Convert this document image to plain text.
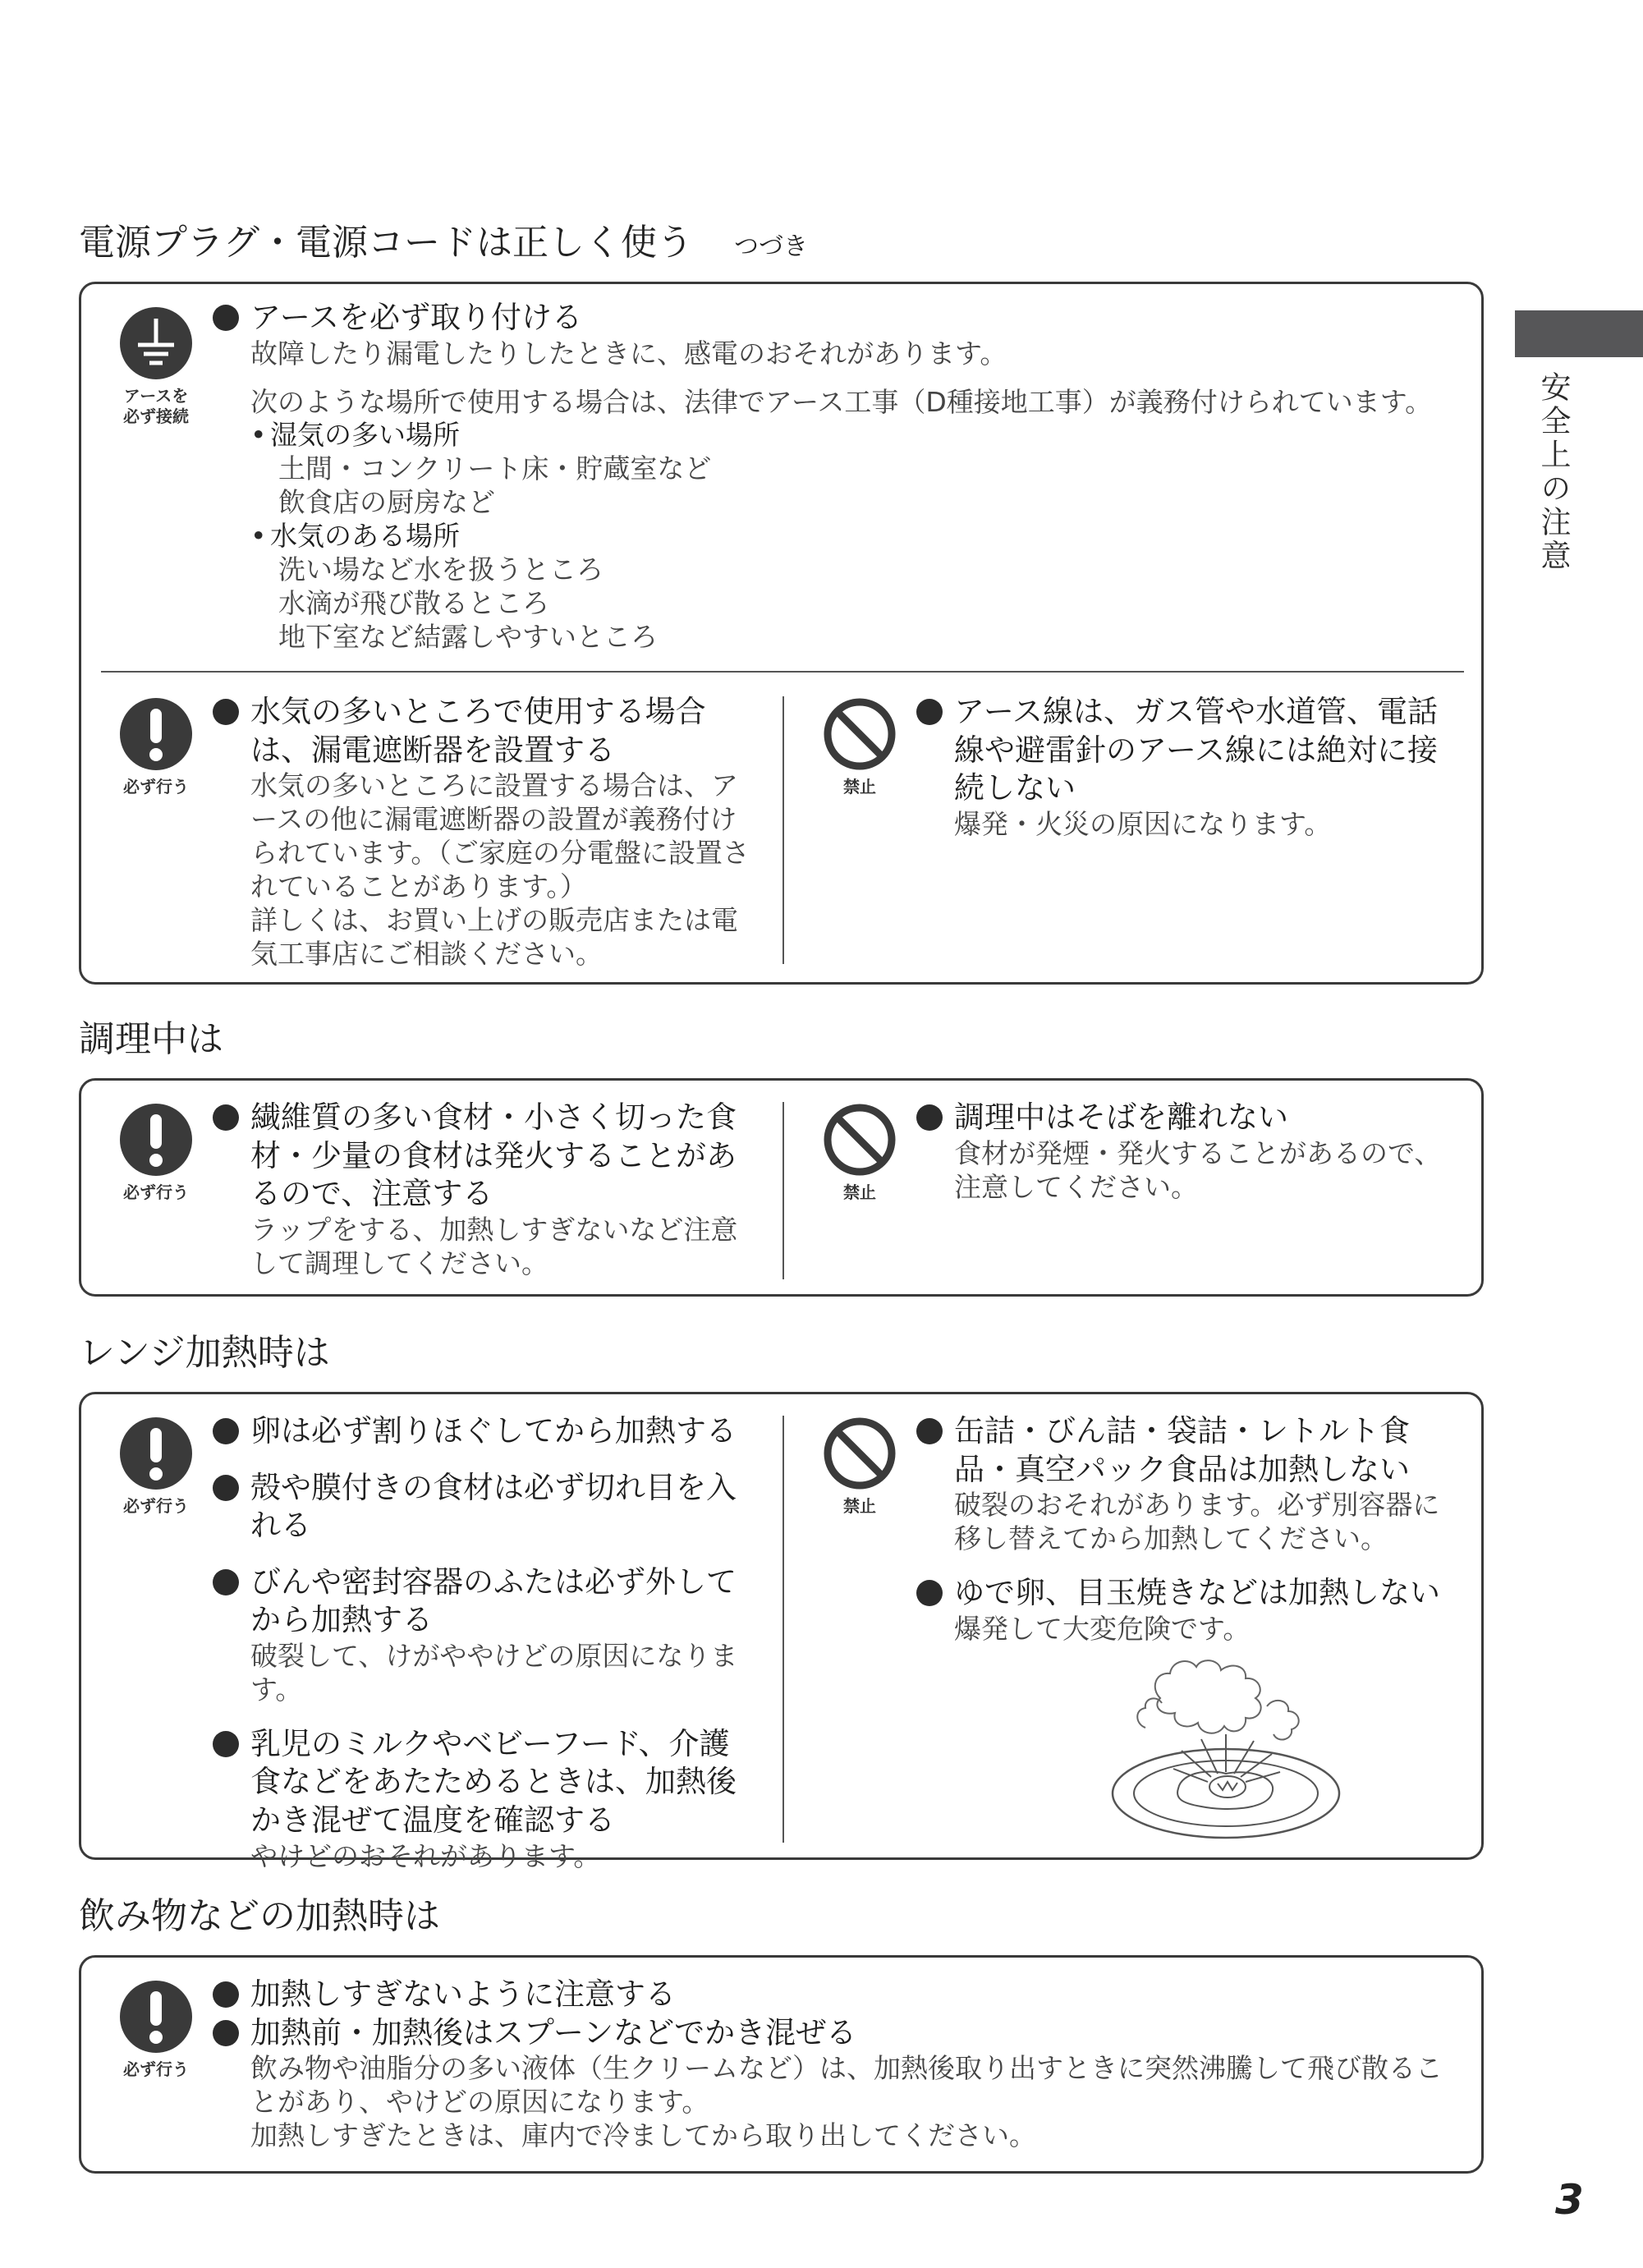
安全上の注意
電源プラグ・電源コードは正しく使う つづき
アースを
必ず接続
アースを必ず取り付ける

故障したり漏電したりしたときに、感電のおそれがあります。

次のような場所で使用する場合は、法律でアース工事（D種接地工事）が義務付けられています。

• 湿気の多い場所
土間・コンクリート床・貯蔵室など
飲食店の厨房など
• 水気のある場所
洗い場など水を扱うところ
水滴が飛び散るところ
地下室など結露しやすいところ
必ず行う
水気の多いところで使用する場合は、漏電遮断器を設置する

水気の多いところに設置する場合は、アースの他に漏電遮断器の設置が義務付けられています。（ご家庭の分電盤に設置されていることがあります。）

詳しくは、お買い上げの販売店または電気工事店にご相談ください。

禁止
アース線は、ガス管や水道管、電話線や避雷針のアース線には絶対に接続しない

爆発・火災の原因になります。

調理中は
必ず行う
繊維質の多い食材・小さく切った食材・少量の食材は発火することがあるので、注意する

ラップをする、加熱しすぎないなど注意して調理してください。

禁止
調理中はそばを離れない

食材が発煙・発火することがあるので、注意してください。

レンジ加熱時は
必ず行う
卵は必ず割りほぐしてから加熱する
殻や膜付きの食材は必ず切れ目を入れる
びんや密封容器のふたは必ず外してから加熱する

破裂して、けがややけどの原因になります。

乳児のミルクやベビーフード、介護食などをあたためるときは、加熱後かき混ぜて温度を確認する

やけどのおそれがあります。

禁止
缶詰・びん詰・袋詰・レトルト食品・真空パック食品は加熱しない

破裂のおそれがあります。必ず別容器に移し替えてから加熱してください。

ゆで卵、目玉焼きなどは加熱しない

爆発して大変危険です。

飲み物などの加熱時は
必ず行う
加熱しすぎないように注意する
加熱前・加熱後はスプーンなどでかき混ぜる

飲み物や油脂分の多い液体（生クリームなど）は、加熱後取り出すときに突然沸騰して飛び散ることがあり、やけどの原因になります。

加熱しすぎたときは、庫内で冷ましてから取り出してください。

3
